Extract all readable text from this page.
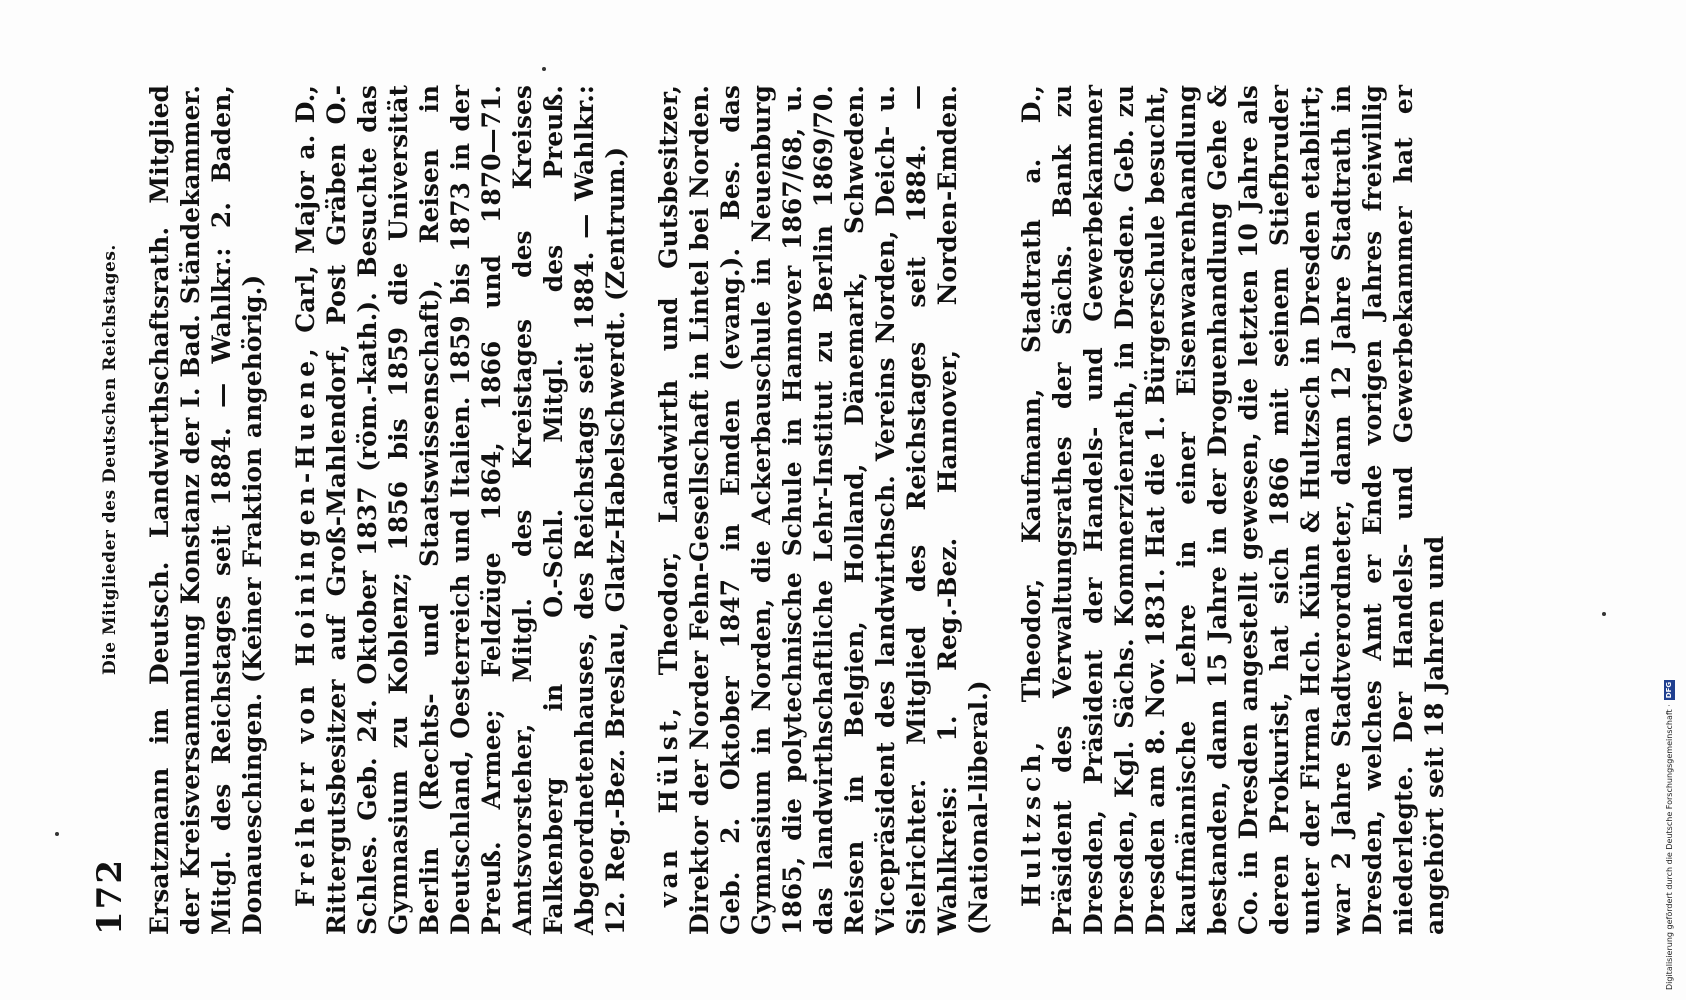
172
Die Mitglieder des Deutschen Reichstages. Ersatzmann im Deutsch. Landwirthschaftsrath. Mitglied der Kreisversammlung Konstanz der I. Bad. Ständekammer. Mitgl. des Reichstages seit 1884. — Wahlkr.: 2. Baden, Donaueschingen. (Keiner Fraktion angehörig.) Freiherr von Hoiningen-Huene, Carl, Major a. D., Rittergutsbesitzer auf Groß-Mahlendorf, Post Gräben O.-Schles. Geb. 24. Oktober 1837 (röm.-kath.). Besuchte das Gymnasium zu Koblenz; 1856 bis 1859 die Universität Berlin (Rechts- und Staatswissenschaft), Reisen in Deutschland, Oesterreich und Italien. 1859 bis 1873 in der Preuß. Armee; Feldzüge 1864, 1866 und 1870—71. Amtsvorsteher, Mitgl. des Kreistages des Kreises Falkenberg in O.-Schl. Mitgl. des Preuß. Abgeordnetenhauses, des Reichstags seit 1884. — Wahlkr.: 12. Reg.-Bez. Breslau, Glatz-Habelschwerdt. (Zentrum.) van Hülst, Theodor, Landwirth und Gutsbesitzer, Direktor der Norder Fehn-Gesellschaft in Lintel bei Norden. Geb. 2. Oktober 1847 in Emden (evang.). Bes. das Gymnasium in Norden, die Ackerbauschule in Neuenburg 1865, die polytechnische Schule in Hannover 1867/68, u. das landwirthschaftliche Lehr-Institut zu Berlin 1869/70. Reisen in Belgien, Holland, Dänemark, Schweden. Vicepräsident des landwirthsch. Vereins Norden, Deich- u. Sielrichter. Mitglied des Reichstages seit 1884. — Wahlkreis: 1. Reg.-Bez. Hannover, Norden-Emden. (National-liberal.) Hultzsch, Theodor, Kaufmann, Stadtrath a. D., Präsident des Verwaltungsrathes der Sächs. Bank zu Dresden, Präsident der Handels- und Gewerbekammer Dresden, Kgl. Sächs. Kommerzienrath, in Dresden. Geb. zu Dresden am 8. Nov. 1831. Hat die 1. Bürgerschule besucht, kaufmännische Lehre in einer Eisenwaarenhandlung bestanden, dann 15 Jahre in der Droguenhandlung Gehe & Co. in Dresden angestellt gewesen, die letzten 10 Jahre als deren Prokurist, hat sich 1866 mit seinem Stiefbruder unter der Firma Hch. Kühn & Hultzsch in Dresden etablirt; war 2 Jahre Stadtverordneter, dann 12 Jahre Stadtrath in Dresden, welches Amt er Ende vorigen Jahres freiwillig niederlegte. Der Handels- und Gewerbekammer hat er angehört seit 18 Jahren und	Digitalisierung gefördert durch die Deutsche Forschungsgemeinschaft ·
DFG
